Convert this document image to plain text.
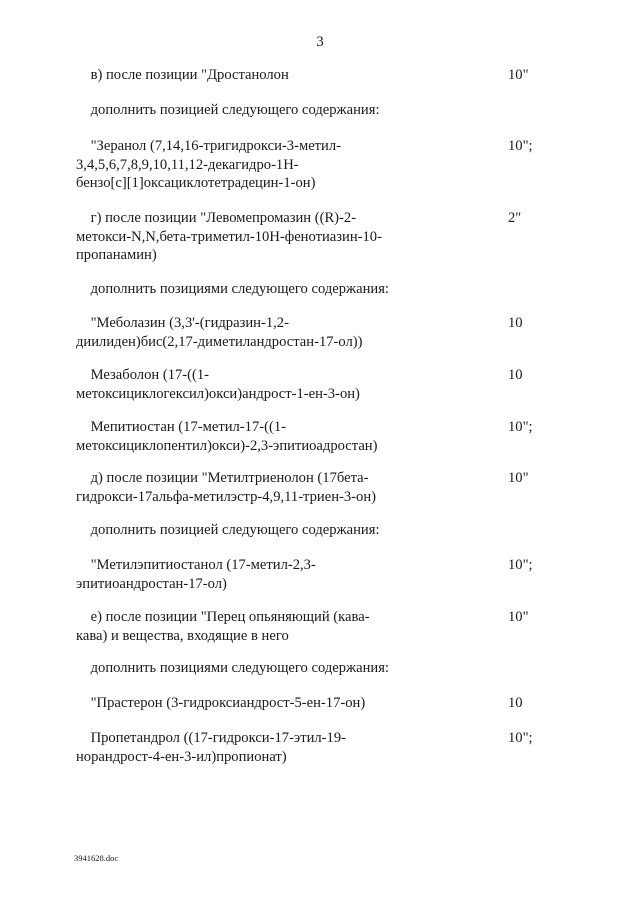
3
в) после позиции "Дростанолон	10"
дополнить позицией следующего содержания:
"Зеранол (7,14,16-тригидрокси-3-метил-
3,4,5,6,7,8,9,10,11,12-декагидро-1Н-
бензо[c][1]оксациклотетрадецин-1-он)
10";
г) после позиции "Левомепромазин ((R)-2-
метокси-N,N,бета-триметил-10Н-фенотиазин-10-
пропанамин)
2"
дополнить позициями следующего содержания:
"Меболазин (3,3'-(гидразин-1,2-
диилиден)бис(2,17-диметиландростан-17-ол))
10
Мезаболон (17-((1-
метоксициклогексил)окси)андрост-1-ен-3-он)
10
Мепитиостан (17-метил-17-((1-
метоксициклопентил)окси)-2,3-эпитиоадростан)
10";
д) после позиции "Метилтриенолон (17бета-
гидрокси-17альфа-метилэстр-4,9,11-триен-3-он)
10"
дополнить позицией следующего содержания:
"Метилэпитиостанол (17-метил-2,3-
эпитиоандростан-17-ол)
10";
е) после позиции "Перец опьяняющий (кава-
кава) и вещества, входящие в него
10"
дополнить позициями следующего содержания:
"Прастерон (3-гидроксиандрост-5-ен-17-он)	10
Пропетандрол ((17-гидрокси-17-этил-19-
норандрост-4-ен-3-ил)пропионат)
10";
3941628.doc
